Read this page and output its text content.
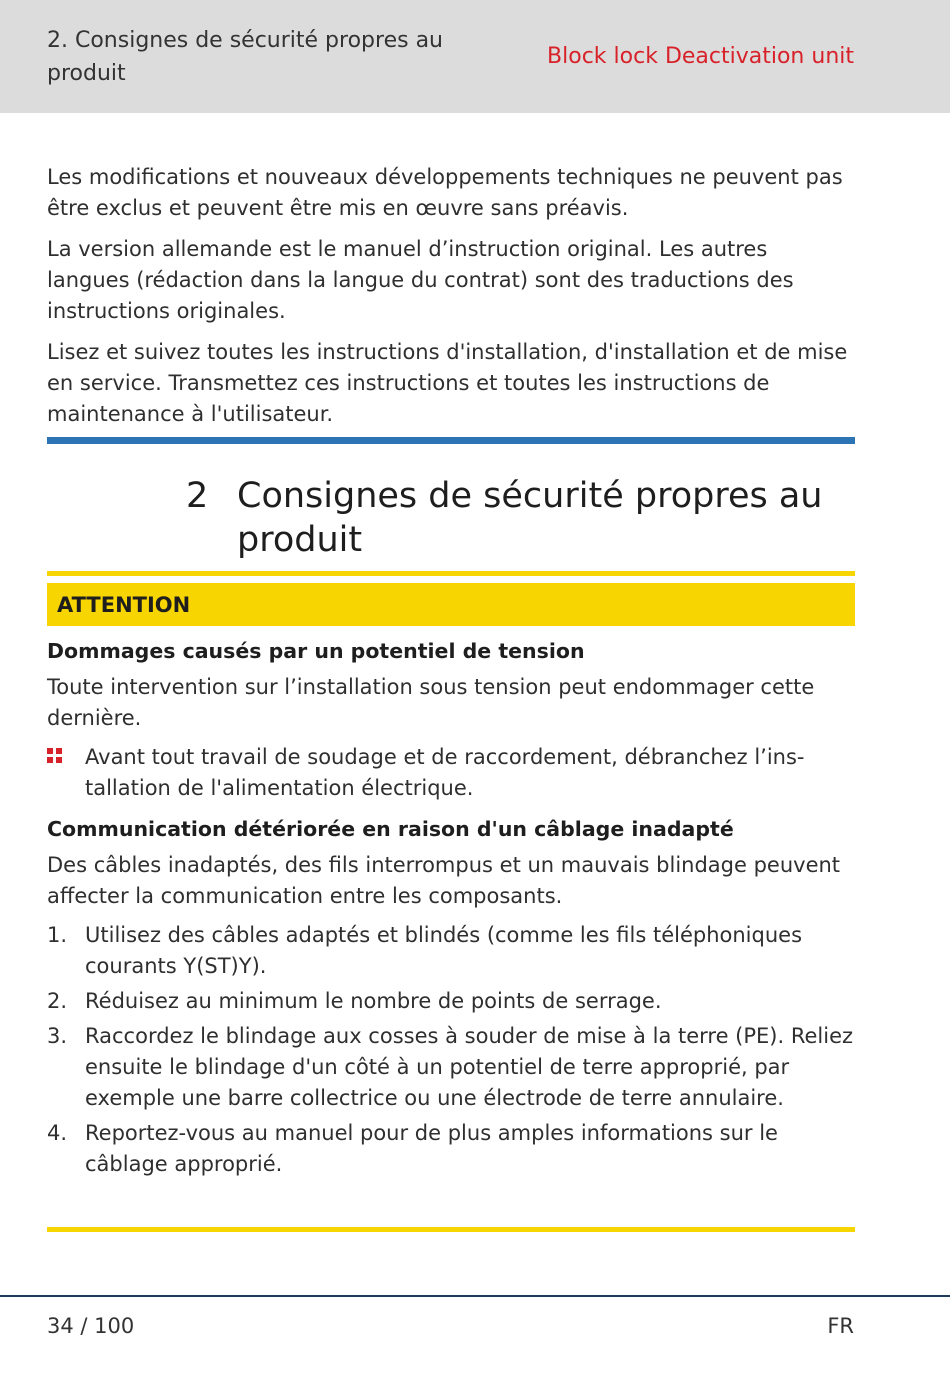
2. Consignes de sécurité propres au produit
Block lock Deactivation unit

Les modifications et nouveaux développements techniques ne peuvent pas être exclus et peuvent être mis en œuvre sans préavis.

La version allemande est le manuel d’instruction original. Les autres langues (rédaction dans la langue du contrat) sont des traductions des instructions originales.

Lisez et suivez toutes les instructions d'installation, d'installation et de mise en service. Transmettez ces instructions et toutes les instructions de maintenance à l'utilisateur.

2 Consignes de sécurité propres au produit
ATTENTION
Dommages causés par un potentiel de tension
Toute intervention sur l’installation sous tension peut endommager cette dernière.
Avant tout travail de soudage et de raccordement, débranchez l’installation de l'alimentation électrique.
Communication détériorée en raison d'un câblage inadapté
Des câbles inadaptés, des fils interrompus et un mauvais blindage peuvent affecter la communication entre les composants.
1. Utilisez des câbles adaptés et blindés (comme les fils téléphoniques courants Y(ST)Y).
2. Réduisez au minimum le nombre de points de serrage.
3. Raccordez le blindage aux cosses à souder de mise à la terre (PE). Reliez ensuite le blindage d'un côté à un potentiel de terre approprié, par exemple une barre collectrice ou une électrode de terre annulaire.
4. Reportez-vous au manuel pour de plus amples informations sur le câblage approprié.
34 / 100	FR
